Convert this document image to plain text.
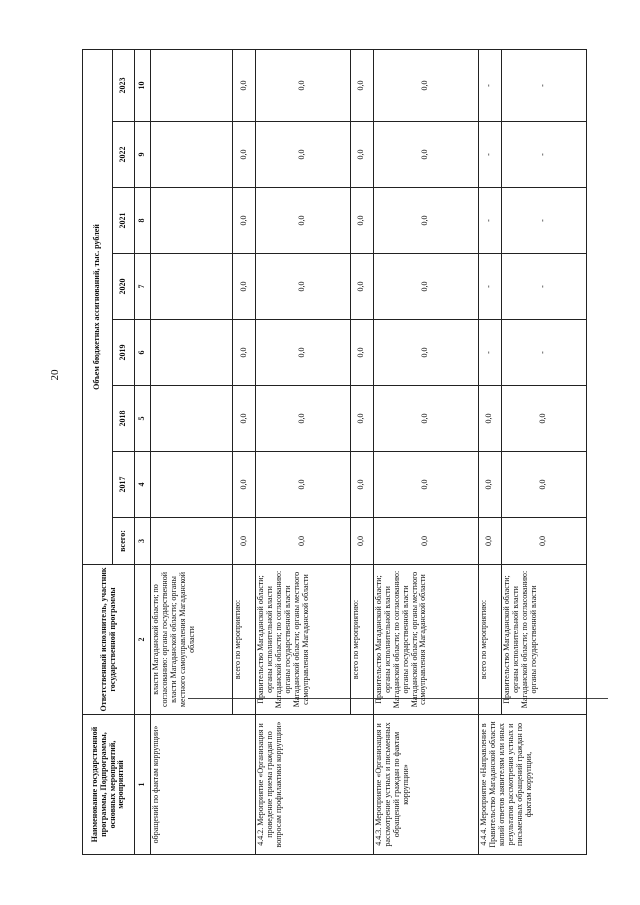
20
Наименование государственной программы, Подпрограммы, основных мероприятий, мероприятий	Ответственный исполнитель, участник государственной программы	Объем бюджетных ассигнований, тыс. рублей							
		всего:	2017	2018	2019	2020	2021	2022	2023
1	2	3	4	5	6	7	8	9	10
обращений по фактам коррупции»	власти Магаданской области; по согласованию: органы государственной власти Магаданской области; органы местного самоуправления Магаданской области								
	всего по мероприятию:	0,0	0,0	0,0	0,0	0,0	0,0	0,0	0,0
4.4.2. Мероприятие «Организация и проведение приема граждан по вопросам профилактики коррупции»	Правительство Магаданской области; органы исполнительной власти Магаданской области; по согласованию: органы государственной власти Магаданской области; органы местного самоуправления Магаданской области	0,0	0,0	0,0	0,0	0,0	0,0	0,0	0,0
	всего по мероприятию:	0,0	0,0	0,0	0,0	0,0	0,0	0,0	0,0
4.4.3. Мероприятие «Организация и рассмотрение устных и письменных обращений граждан по фактам коррупции»	Правительство Магаданской области; органы исполнительной власти Магаданской области; по согласованию: органы государственной власти Магаданской области; органы местного самоуправления Магаданской области	0,0	0,0	0,0	0,0	0,0	0,0	0,0	0,0
4.4.4. Мероприятие «Направление в Правительство Магаданской области копий ответов заявителям или иных результатов рассмотрения устных и письменных обращений граждан по фактам коррупции,	всего по мероприятию:	0,0	0,0	0,0	-	-	-	-	-
	Правительство Магаданской области; органы исполнительной власти Магаданской области; по согласованию: органы государственной власти	0,0	0,0	0,0	-	-	-	-	-
